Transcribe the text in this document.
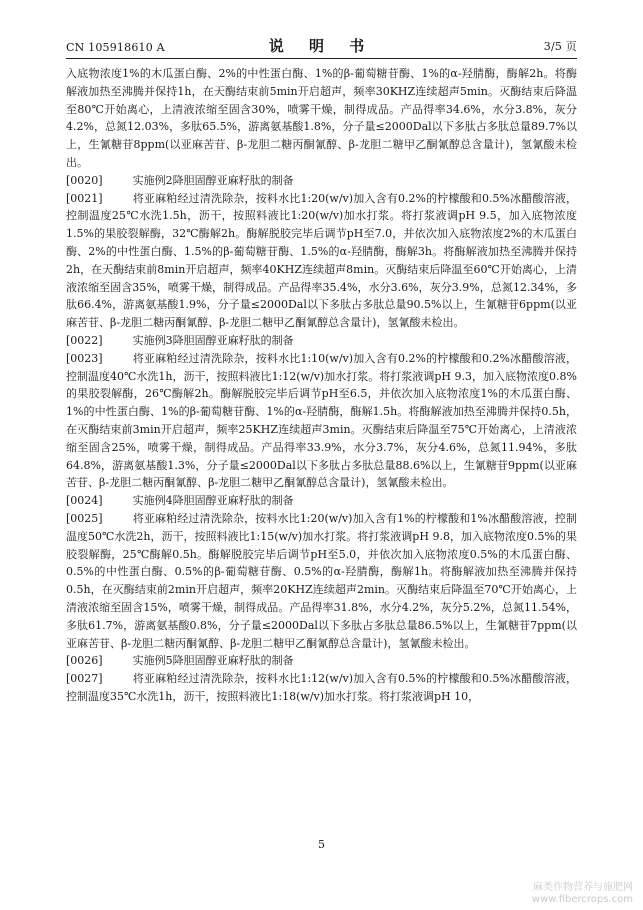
CN 105918610 A	说 明 书	3/5 页

入底物浓度1%的木瓜蛋白酶、2%的中性蛋白酶、1%的β-葡萄糖苷酶、1%的α-羟腈酶，酶解2h。将酶解液加热至沸腾并保持1h，在天酶结束前5min开启超声，频率30KHZ连续超声5min。灭酶结束后降温至80℃开始离心，上清液浓缩至固含30%，喷雾干燥，制得成品。产品得率34.6%，水分3.8%，灰分4.2%，总氮12.03%，多肽65.5%，游离氨基酸1.8%，分子量≤2000Dal以下多肽占多肽总量89.7%以上，生氰糖苷8ppm(以亚麻苦苷、β-龙胆二糖丙酮氰醇、β-龙胆二糖甲乙酮氰醇总含量计)，氢氰酸未检出。

[0020]	实施例2降胆固醇亚麻籽肽的制备

[0021]	将亚麻粕经过清洗除杂，按料水比1:20(w/v)加入含有0.2%的柠檬酸和0.5%冰醋酸溶液，控制温度25℃水洗1.5h，沥干，按照料液比1:20(w/v)加水打浆。将打浆液调pH 9.5，加入底物浓度1.5%的果胶裂解酶，32℃酶解2h。酶解脱胶完毕后调节pH至7.0，并依次加入底物浓度2%的木瓜蛋白酶、2%的中性蛋白酶、1.5%的β-葡萄糖苷酶、1.5%的α-羟腈酶，酶解3h。将酶解液加热至沸腾并保持2h，在天酶结束前8min开启超声，频率40KHZ连续超声8min。灭酶结束后降温至60℃开始离心，上清液浓缩至固含35%，喷雾干燥，制得成品。产品得率35.4%，水分3.6%，灰分3.9%，总氮12.34%，多肽66.4%，游离氨基酸1.9%，分子量≤2000Dal以下多肽占多肽总量90.5%以上，生氰糖苷6ppm(以亚麻苦苷、β-龙胆二糖丙酮氰醇、β-龙胆二糖甲乙酮氰醇总含量计)，氢氰酸未检出。

[0022]	实施例3降胆固醇亚麻籽肽的制备

[0023]	将亚麻粕经过清洗除杂，按料水比1:10(w/v)加入含有0.2%的柠檬酸和0.2%冰醋酸溶液，控制温度40℃水洗1h，沥干，按照料液比1:12(w/v)加水打浆。将打浆液调pH 9.3，加入底物浓度0.8%的果胶裂解酶，26℃酶解2h。酶解脱胶完毕后调节pH至6.5，并依次加入底物浓度1%的木瓜蛋白酶、1%的中性蛋白酶、1%的β-葡萄糖苷酶、1%的α-羟腈酶，酶解1.5h。将酶解液加热至沸腾并保持0.5h，在灭酶结束前3min开启超声，频率25KHZ连续超声3min。灭酶结束后降温至75℃开始离心，上清液浓缩至固含25%，喷雾干燥，制得成品。产品得率33.9%，水分3.7%，灰分4.6%，总氮11.94%，多肽64.8%，游离氨基酸1.3%，分子量≤2000Dal以下多肽占多肽总量88.6%以上，生氰糖苷9ppm(以亚麻苦苷、β-龙胆二糖丙酮氰醇、β-龙胆二糖甲乙酮氰醇总含量计)，氢氰酸未检出。

[0024]	实施例4降胆固醇亚麻籽肽的制备

[0025]	将亚麻粕经过清洗除杂，按料水比1:20(w/v)加入含有1%的柠檬酸和1%冰醋酸溶液，控制温度50℃水洗2h，沥干，按照料液比1:15(w/v)加水打浆。将打浆液调pH 9.8，加入底物浓度0.5%的果胶裂解酶，25℃酶解0.5h。酶解脱胶完毕后调节pH至5.0，并依次加入底物浓度0.5%的木瓜蛋白酶、0.5%的中性蛋白酶、0.5%的β-葡萄糖苷酶、0.5%的α-羟腈酶，酶解1h。将酶解液加热至沸腾并保持0.5h，在灭酶结束前2min开启超声，频率20KHZ连续超声2min。灭酶结束后降温至70℃开始离心，上清液浓缩至固含15%，喷雾干燥，制得成品。产品得率31.8%，水分4.2%，灰分5.2%，总氮11.54%，多肽61.7%，游离氨基酸0.8%，分子量≤2000Dal以下多肽占多肽总量86.5%以上，生氰糖苷7ppm(以亚麻苦苷、β-龙胆二糖丙酮氰醇、β-龙胆二糖甲乙酮氰醇总含量计)，氢氰酸未检出。

[0026]	实施例5降胆固醇亚麻籽肽的制备

[0027]	将亚麻粕经过清洗除杂，按料水比1:12(w/v)加入含有0.5%的柠檬酸和0.5%冰醋酸溶液，控制温度35℃水洗1h，沥干，按照料液比1:18(w/v)加水打浆。将打浆液调pH 10，

5
麻类作物营养与施肥网
www.fibercrops.com
